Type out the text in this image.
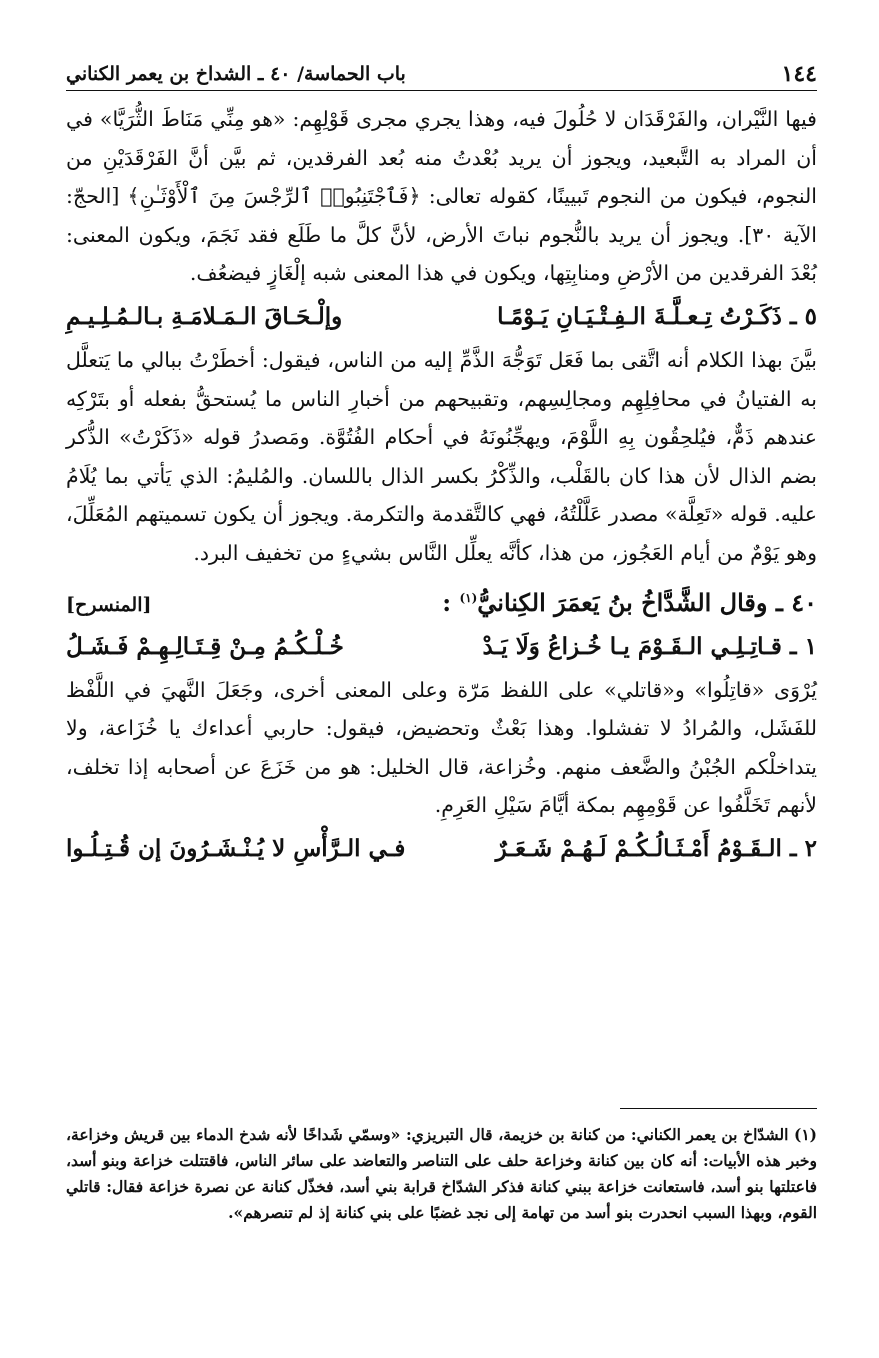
١٤٤
باب الحماسة/ ٤٠ ـ الشداخ بن يعمر الكناني

فيها النَّيْران، والفَرْقَدَان لا حُلُولَ فيه، وهذا يجري مجرى قَوْلِهِم: «هو مِنِّي مَنَاطَ الثُّرَيَّا» في أن المراد به التَّبعيد، ويجوز أن يريد بُعْدتُ منه بُعد الفرقدين، ثم بيَّن أنَّ الفَرْقَدَيْنِ من النجوم، فيكون من النجوم تَبيينًا، كقوله تعالى: ﴿فَٱجْتَنِبُوا۟ ٱلرِّجْسَ مِنَ ٱلْأَوْثَـٰنِ﴾ [الحجّ: الآية ٣٠]. ويجوز أن يريد بالنُّجوم نباتَ الأرض، لأنَّ كلَّ ما طَلَع فقد نَجَمَ، ويكون المعنى: بُعْدَ الفرقدين من الأرْضِ ومنابِتِها، ويكون في هذا المعنى شبه إلْغَازٍ فيضعُف.

٥ ـ ذَكَـرْتُ تِـعـلَّـةَ الـفِـتْـيَـانِ يَـوْمًـا
وإلْـحَـاقَ الـمَـلامَـةِ بـالـمُـلِـيـمِ

بيَّنَ بهذا الكلام أنه اتَّقى بما فَعَل تَوَجُّهَ الذَّمِّ إليه من الناس، فيقول: أخطَرْتُ ببالي ما يَتعلَّل به الفتيانُ في محافِلِهِم ومجالِسِهم، وتقبيحهم من أخبارِ الناس ما يُستحقُّ بفعله أو بتَرْكِه عندهم ذَمٌّ، فيُلحِقُون بِهِ اللَّوْمَ، ويهجِّنُونَهُ في أحكام الفُتُوَّة. ومَصدرُ قوله «ذَكَرْتُ» الذُّكر بضم الذال لأن هذا كان بالقَلْب، والذِّكْرُ بكسر الذال باللسان. والمُليمُ: الذي يَأتي بما يُلَامُ عليه. قوله «تَعِلَّة» مصدر عَلَّلْتُهُ، فهي كالتَّقدمة والتكرمة. ويجوز أن يكون تسميتهم المُعَلِّلَ، وهو يَوْمٌ من أيام العَجُوز، من هذا، كأنَّه يعلِّل النَّاس بشيءٍ من تخفيف البرد.

٤٠ ـ وقال الشَّدَّاخُ بنُ يَعمَرَ الكِنانيُّ$^{(١)}$ :
[المنسرح]
١ ـ قـاتِـلِـي الـقَـوْمَ يـا خُـزاعُ وَلَا يَـدْ
خُـلْـكُـمُ مِـنْ قِـتَـالِـهِـمْ فَـشَـلُ

يُرْوَى «قاتِلُوا» و«قاتلي» على اللفظ مَرّة وعلى المعنى أخرى، وجَعَلَ النَّهيَ في اللَّفْظ للفَشَل، والمُرادُ لا تفشلوا. وهذا بَعْثٌ وتحضيض، فيقول: حاربي أعداءك يا خُزَاعة، ولا يتداخلْكم الجُبْنُ والضَّعف منهم. وخُزاعة، قال الخليل: هو من خَزَعَ عن أصحابه إذا تخلف، لأنهم تَخَلَّفُوا عن قَوْمِهِم بمكة أيَّامَ سَيْلِ العَرِمِ.

٢ ـ الـقَـوْمُ أَمْـثَـالُـكُـمْ لَـهُـمْ شَـعَـرٌ
فـي الـرَّأْسِ لا يُـنْـشَـرُونَ إن قُـتِـلُـوا
(١) الشدّاخ بن يعمر الكناني: من كنانة بن خزيمة، قال التبريزي: «وسمّي شَداخًا لأنه شدخ الدماء بين قريش وخزاعة، وخبر هذه الأبيات: أنه كان بين كنانة وخزاعة حلف على التناصر والتعاضد على سائر الناس، فاقتتلت خزاعة وبنو أسد، فاعتلتها بنو أسد، فاستعانت خزاعة ببني كنانة فذكر الشدّاخ قرابة بني أسد، فخذّل كنانة عن نصرة خزاعة فقال: قاتلي القوم، وبهذا السبب انحدرت بنو أسد من تهامة إلى نجد غضبًا على بني كنانة إذ لم تنصرهم».
